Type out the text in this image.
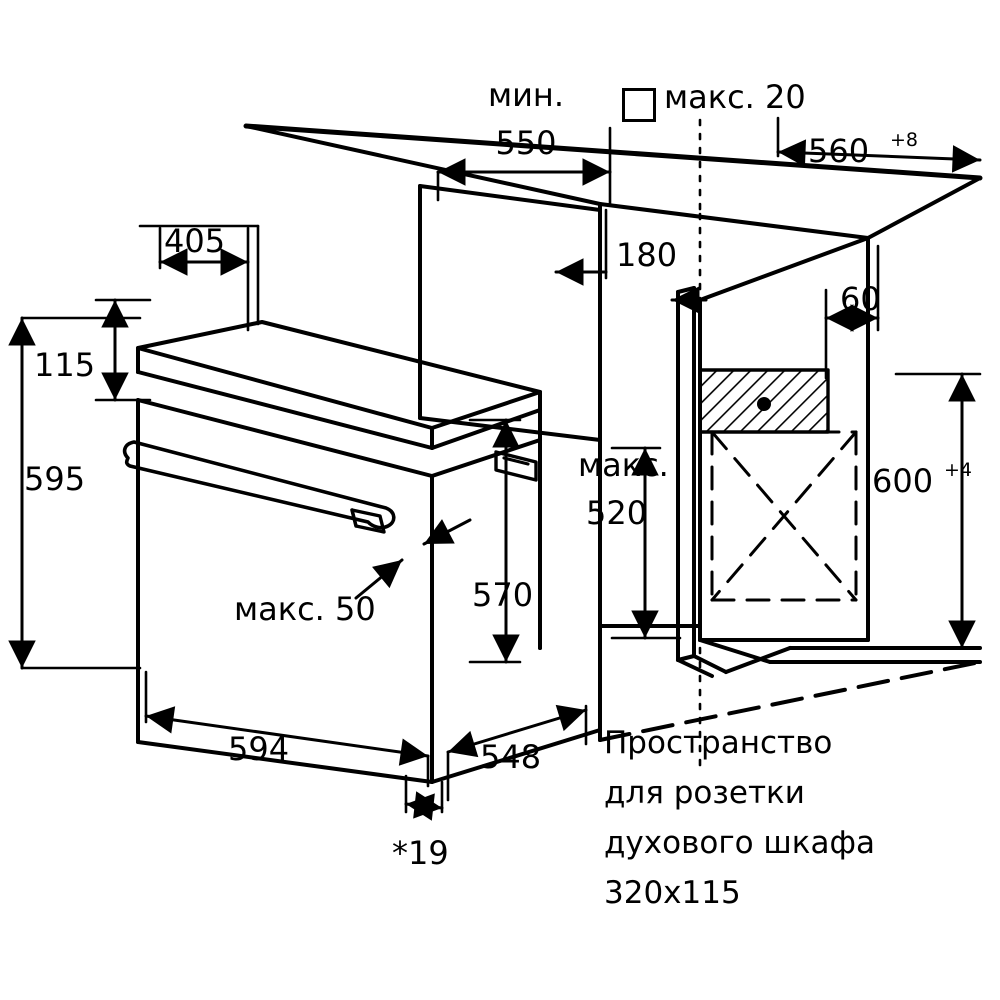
мин.
550
макс. 20
560 +8
180
60
600 +4
405
115
595
570
макс.
520
макс. 50
594	548
*19
Пространство
для розетки
духового шкафа
320x115
